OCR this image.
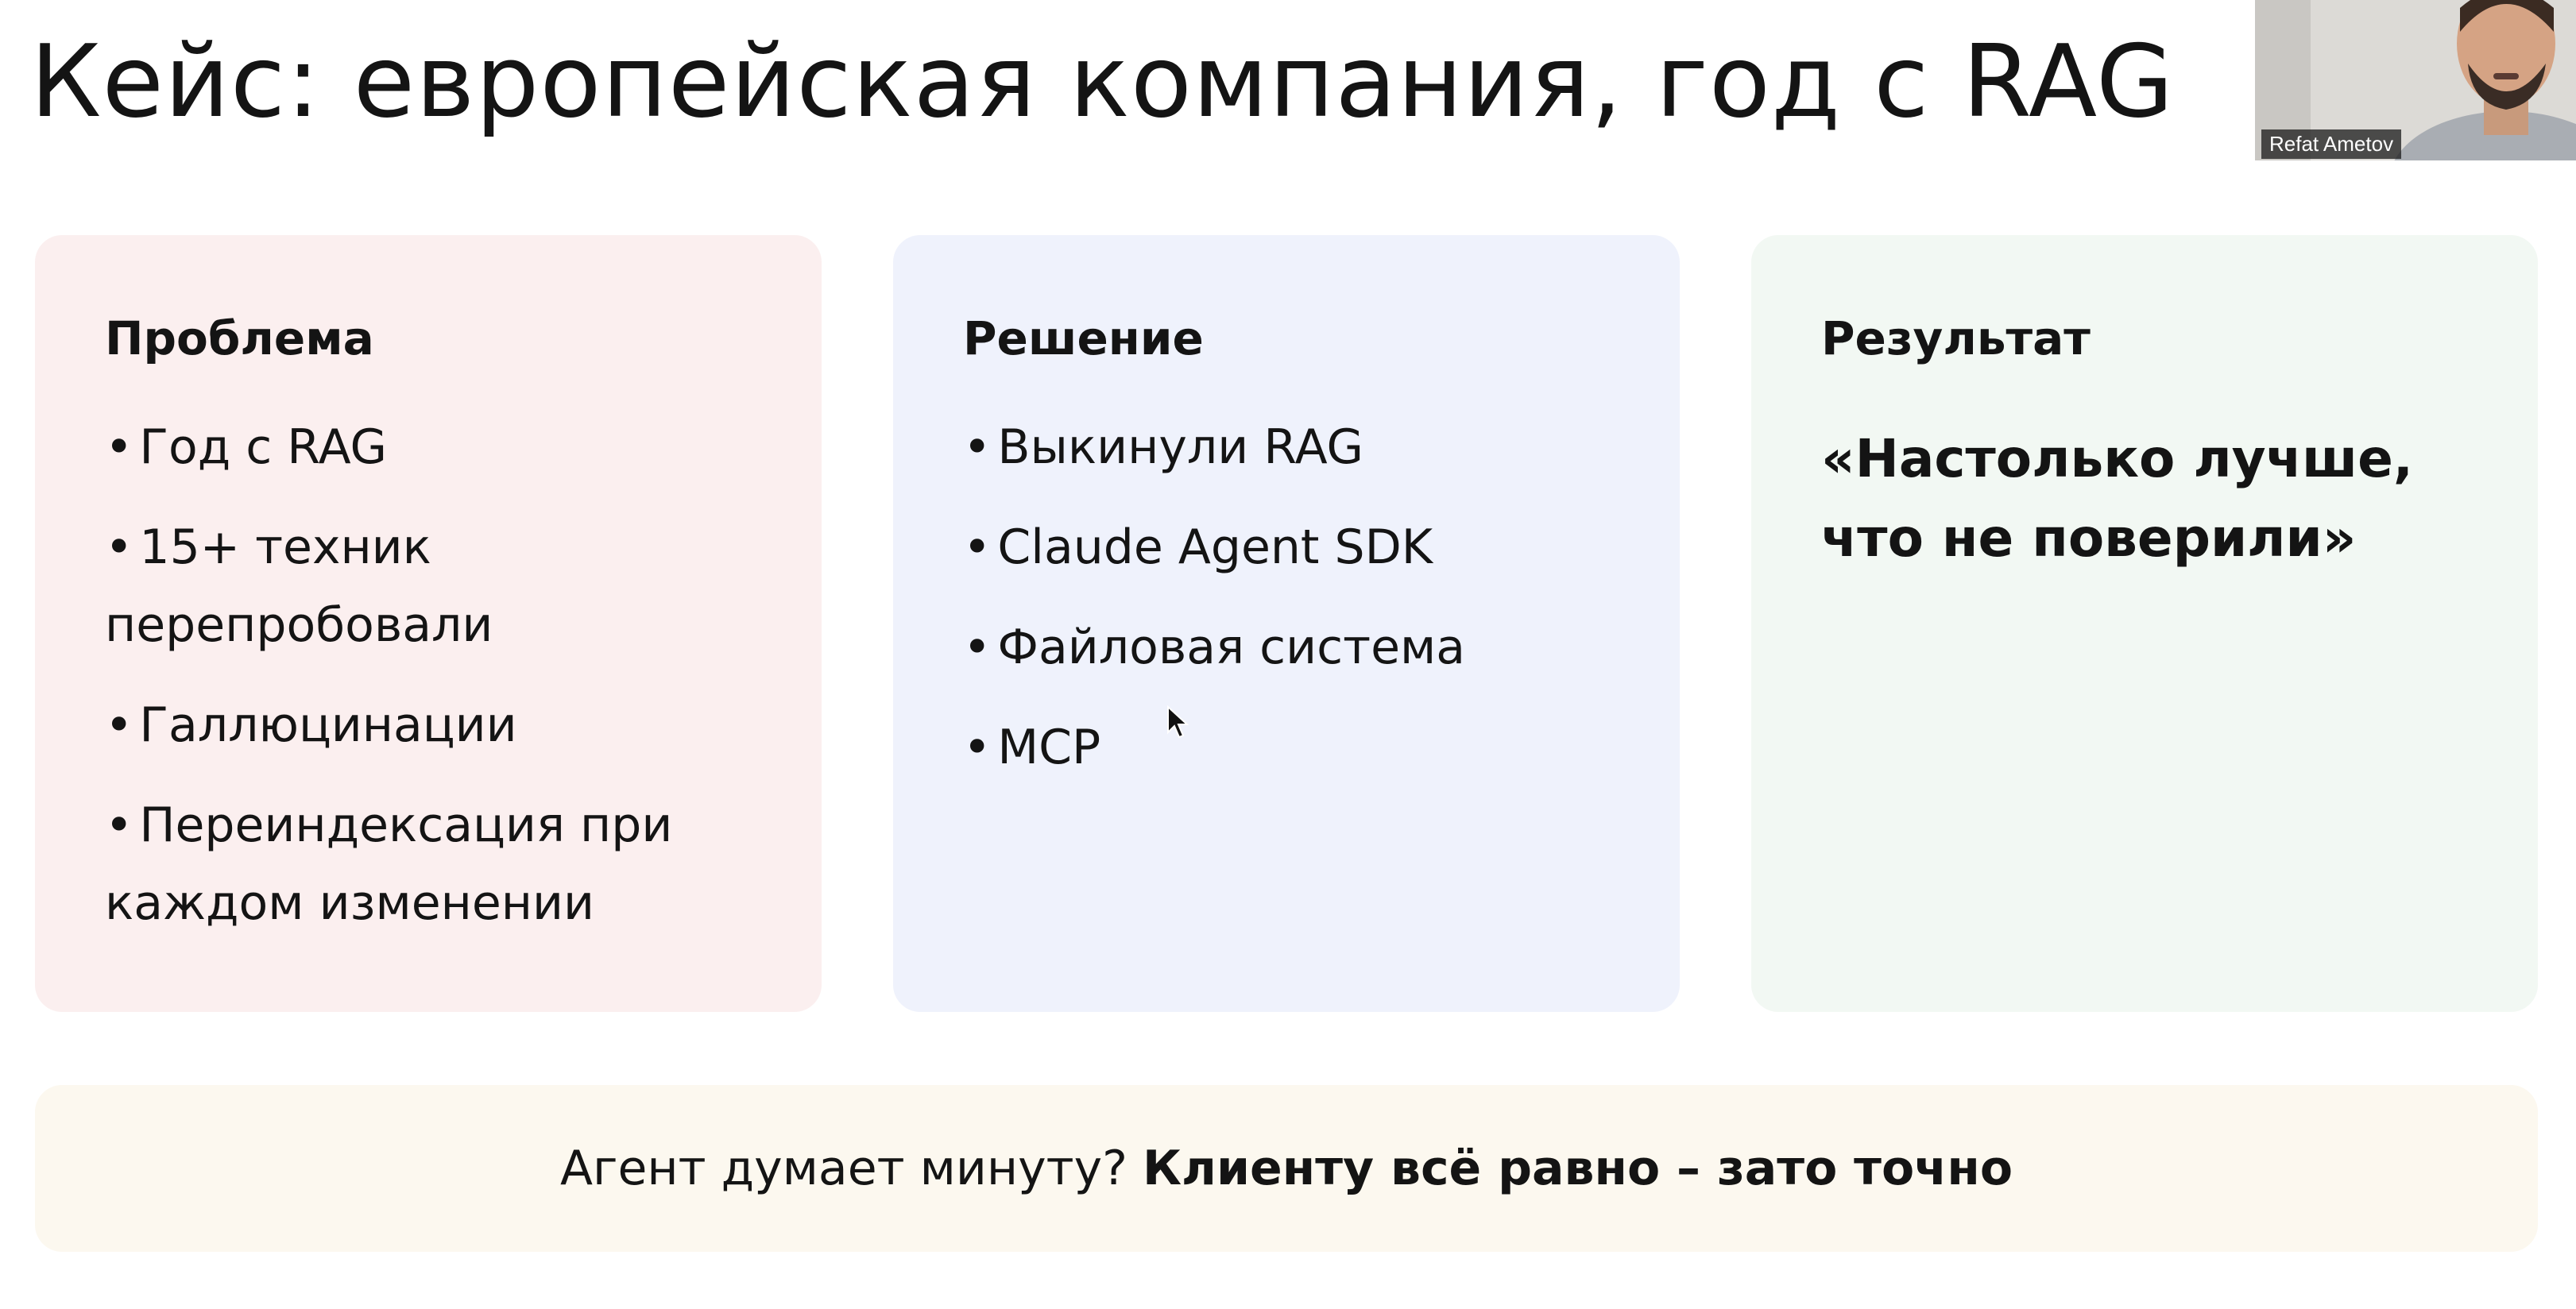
Кейс: европейская компания, год с RAG
Проблема
• Год с RAG
• 15+ техник перепробовали
• Галлюцинации
• Переиндексация при каждом изменении
Решение
• Выкинули RAG
• Claude Agent SDK
• Файловая система
• MCP
Результат

«Настолько лучше, что не поверили»

Агент думает минуту? Клиенту всё равно – зато точно
Refat Ametov
